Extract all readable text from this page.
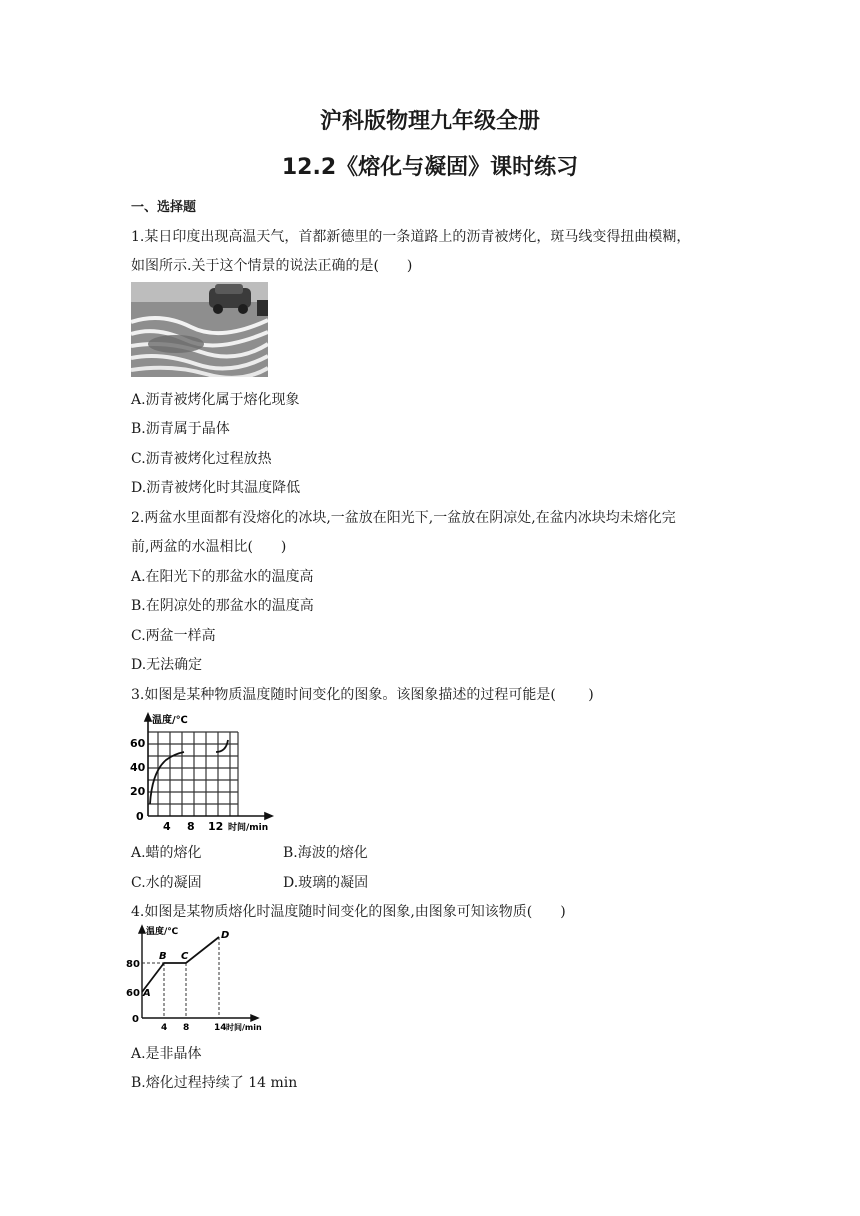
沪科版物理九年级全册
12.2《熔化与凝固》课时练习
一、选择题
1.某日印度出现高温天气，首都新德里的一条道路上的沥青被烤化，斑马线变得扭曲模糊，
如图所示.关于这个情景的说法正确的是(　　)
A.沥青被烤化属于熔化现象
B.沥青属于晶体
C.沥青被烤化过程放热
D.沥青被烤化时其温度降低
2.两盆水里面都有没熔化的冰块,一盆放在阳光下,一盆放在阴凉处,在盆内冰块均未熔化完
前,两盆的水温相比(　　)
A.在阳光下的那盆水的温度高
B.在阴凉处的那盆水的温度高
C.两盆一样高
D.无法确定
3.如图是某种物质温度随时间变化的图象。该图象描述的过程可能是(　　 )
温度/℃
60
40
20
0
4 8 12 时间/min
A.蜡的熔化	B.海波的熔化
C.水的凝固	D.玻璃的凝固
4.如图是某物质熔化时温度随时间变化的图象,由图象可知该物质(　　)
温度/℃
80
60
0
4 8	14 时间/min
A
B C
D
A.是非晶体
B.熔化过程持续了 14 min
